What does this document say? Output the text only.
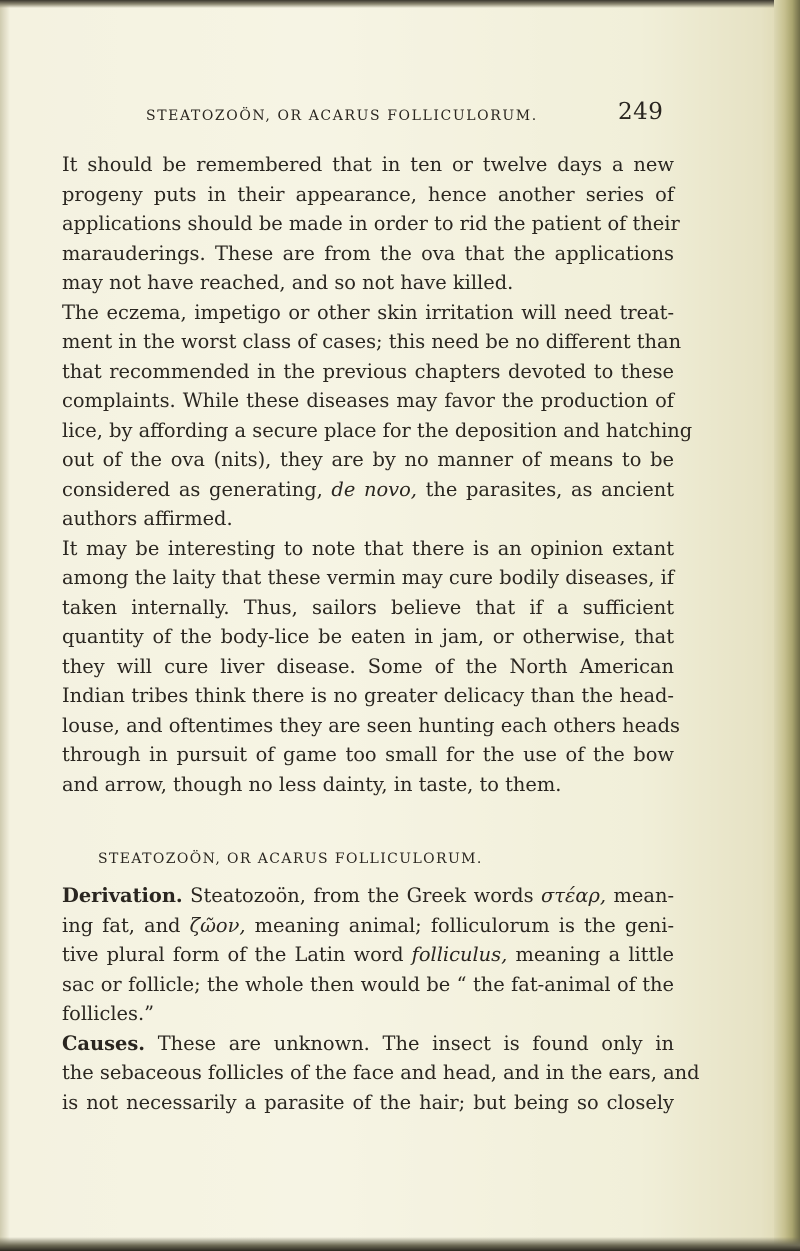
STEATOZOÖN, OR ACARUS FOLLICULORUM.	249
It should be remembered that in ten or twelve days a new
progeny puts in their appearance, hence another series of
applications should be made in order to rid the patient of their
marauderings. These are from the ova that the applications
may not have reached, and so not have killed.
The eczema, impetigo or other skin irritation will need treat-
ment in the worst class of cases; this need be no different than
that recommended in the previous chapters devoted to these
complaints. While these diseases may favor the production of
lice, by affording a secure place for the deposition and hatching
out of the ova (nits), they are by no manner of means to be
considered as generating, de novo, the parasites, as ancient
authors affirmed.
It may be interesting to note that there is an opinion extant
among the laity that these vermin may cure bodily diseases, if
taken internally. Thus, sailors believe that if a sufficient
quantity of the body-lice be eaten in jam, or otherwise, that
they will cure liver disease. Some of the North American
Indian tribes think there is no greater delicacy than the head-
louse, and oftentimes they are seen hunting each others heads
through in pursuit of game too small for the use of the bow
and arrow, though no less dainty, in taste, to them.
STEATOZOÖN, OR ACARUS FOLLICULORUM.
Derivation. Steatozoön, from the Greek words στέαρ, mean-
ing fat, and ζῶον, meaning animal; folliculorum is the geni-
tive plural form of the Latin word folliculus, meaning a little
sac or follicle; the whole then would be “ the fat-animal of the
follicles.”
Causes. These are unknown. The insect is found only in
the sebaceous follicles of the face and head, and in the ears, and
is not necessarily a parasite of the hair; but being so closely
